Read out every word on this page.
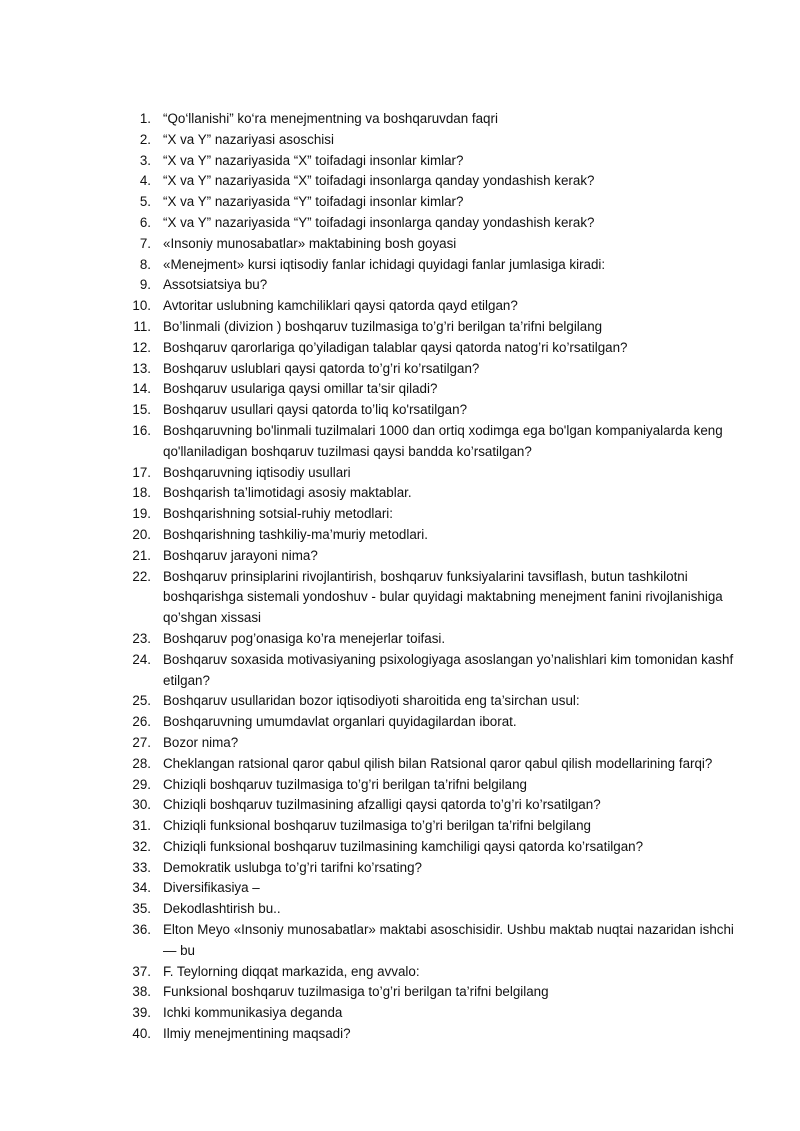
1. “Qo‘llanishi” ko‘ra menejmentning va boshqaruvdan faqri
2. “X va Y” nazariyasi asoschisi
3. “X va Y” nazariyasida “X” toifadagi insonlar kimlar?
4. “X va Y” nazariyasida “X” toifadagi insonlarga qanday yondashish kerak?
5. “X va Y” nazariyasida “Y” toifadagi insonlar kimlar?
6. “X va Y” nazariyasida “Y” toifadagi insonlarga qanday yondashish kerak?
7. «Insoniy munosabatlar» maktabining bosh goyasi
8. «Menejment» kursi iqtisodiy fanlar ichidagi quyidagi fanlar jumlasiga kiradi:
9. Assotsiatsiya bu?
10. Avtoritar uslubning kamchiliklari qaysi qatorda qayd etilgan?
11. Bo’linmali (divizion ) boshqaruv tuzilmasiga to’g’ri berilgan ta’rifni belgilang
12. Boshqaruv qarorlariga qo’yiladigan talablar qaysi qatorda natog’ri ko’rsatilgan?
13. Boshqaruv uslublari qaysi qatorda to’g’ri ko’rsatilgan?
14. Boshqaruv usulariga qaysi omillar ta’sir qiladi?
15. Boshqaruv usullari qaysi qatorda to’liq ko'rsatilgan?
16. Boshqaruvning bo'linmali tuzilmalari 1000 dan ortiq xodimga ega bo'lgan kompaniyalarda keng qo'llaniladigan boshqaruv tuzilmasi qaysi bandda ko’rsatilgan?
17. Boshqaruvning iqtisodiy usullari
18. Boshqarish ta’limotidagi asosiy maktablar.
19. Boshqarishning sotsial-ruhiy metodlari:
20. Boshqarishning tashkiliy-ma’muriy metodlari.
21. Boshqaruv jarayoni nima?
22. Boshqaruv prinsiplarini rivojlantirish, boshqaruv funksiyalarini tavsiflash, butun tashkilotni boshqarishga sistemali yondoshuv - bular quyidagi maktabning menejment fanini rivojlanishiga qo’shgan xissasi
23. Boshqaruv pog’onasiga ko’ra menejerlar toifasi.
24. Boshqaruv soxasida motivasiyaning psixologiyaga asoslangan yo’nalishlari kim tomonidan kashf etilgan?
25. Boshqaruv usullaridan bozor iqtisodiyoti sharoitida eng ta’sirchan usul:
26. Boshqaruvning umumdavlat organlari quyidagilardan iborat.
27. Bozor nima?
28. Cheklangan ratsional qaror qabul qilish bilan Ratsional qaror qabul qilish modellarining farqi?
29. Chiziqli boshqaruv tuzilmasiga to’g’ri berilgan ta’rifni belgilang
30. Chiziqli boshqaruv tuzilmasining afzalligi qaysi qatorda to’g’ri ko’rsatilgan?
31. Chiziqli funksional boshqaruv tuzilmasiga to’g’ri berilgan ta’rifni belgilang
32. Chiziqli funksional boshqaruv tuzilmasining kamchiligi qaysi qatorda ko’rsatilgan?
33. Demokratik uslubga to’g’ri tarifni ko’rsating?
34. Diversifikasiya –
35. Dekodlashtirish bu..
36. Elton Meyo «Insoniy munosabatlar» maktabi asoschisidir. Ushbu maktab nuqtai nazaridan ishchi — bu
37. F. Teylorning diqqat markazida, eng avvalo:
38. Funksional boshqaruv tuzilmasiga to’g’ri berilgan ta’rifni belgilang
39. Ichki kommunikasiya deganda
40. Ilmiy menejmentining maqsadi?
